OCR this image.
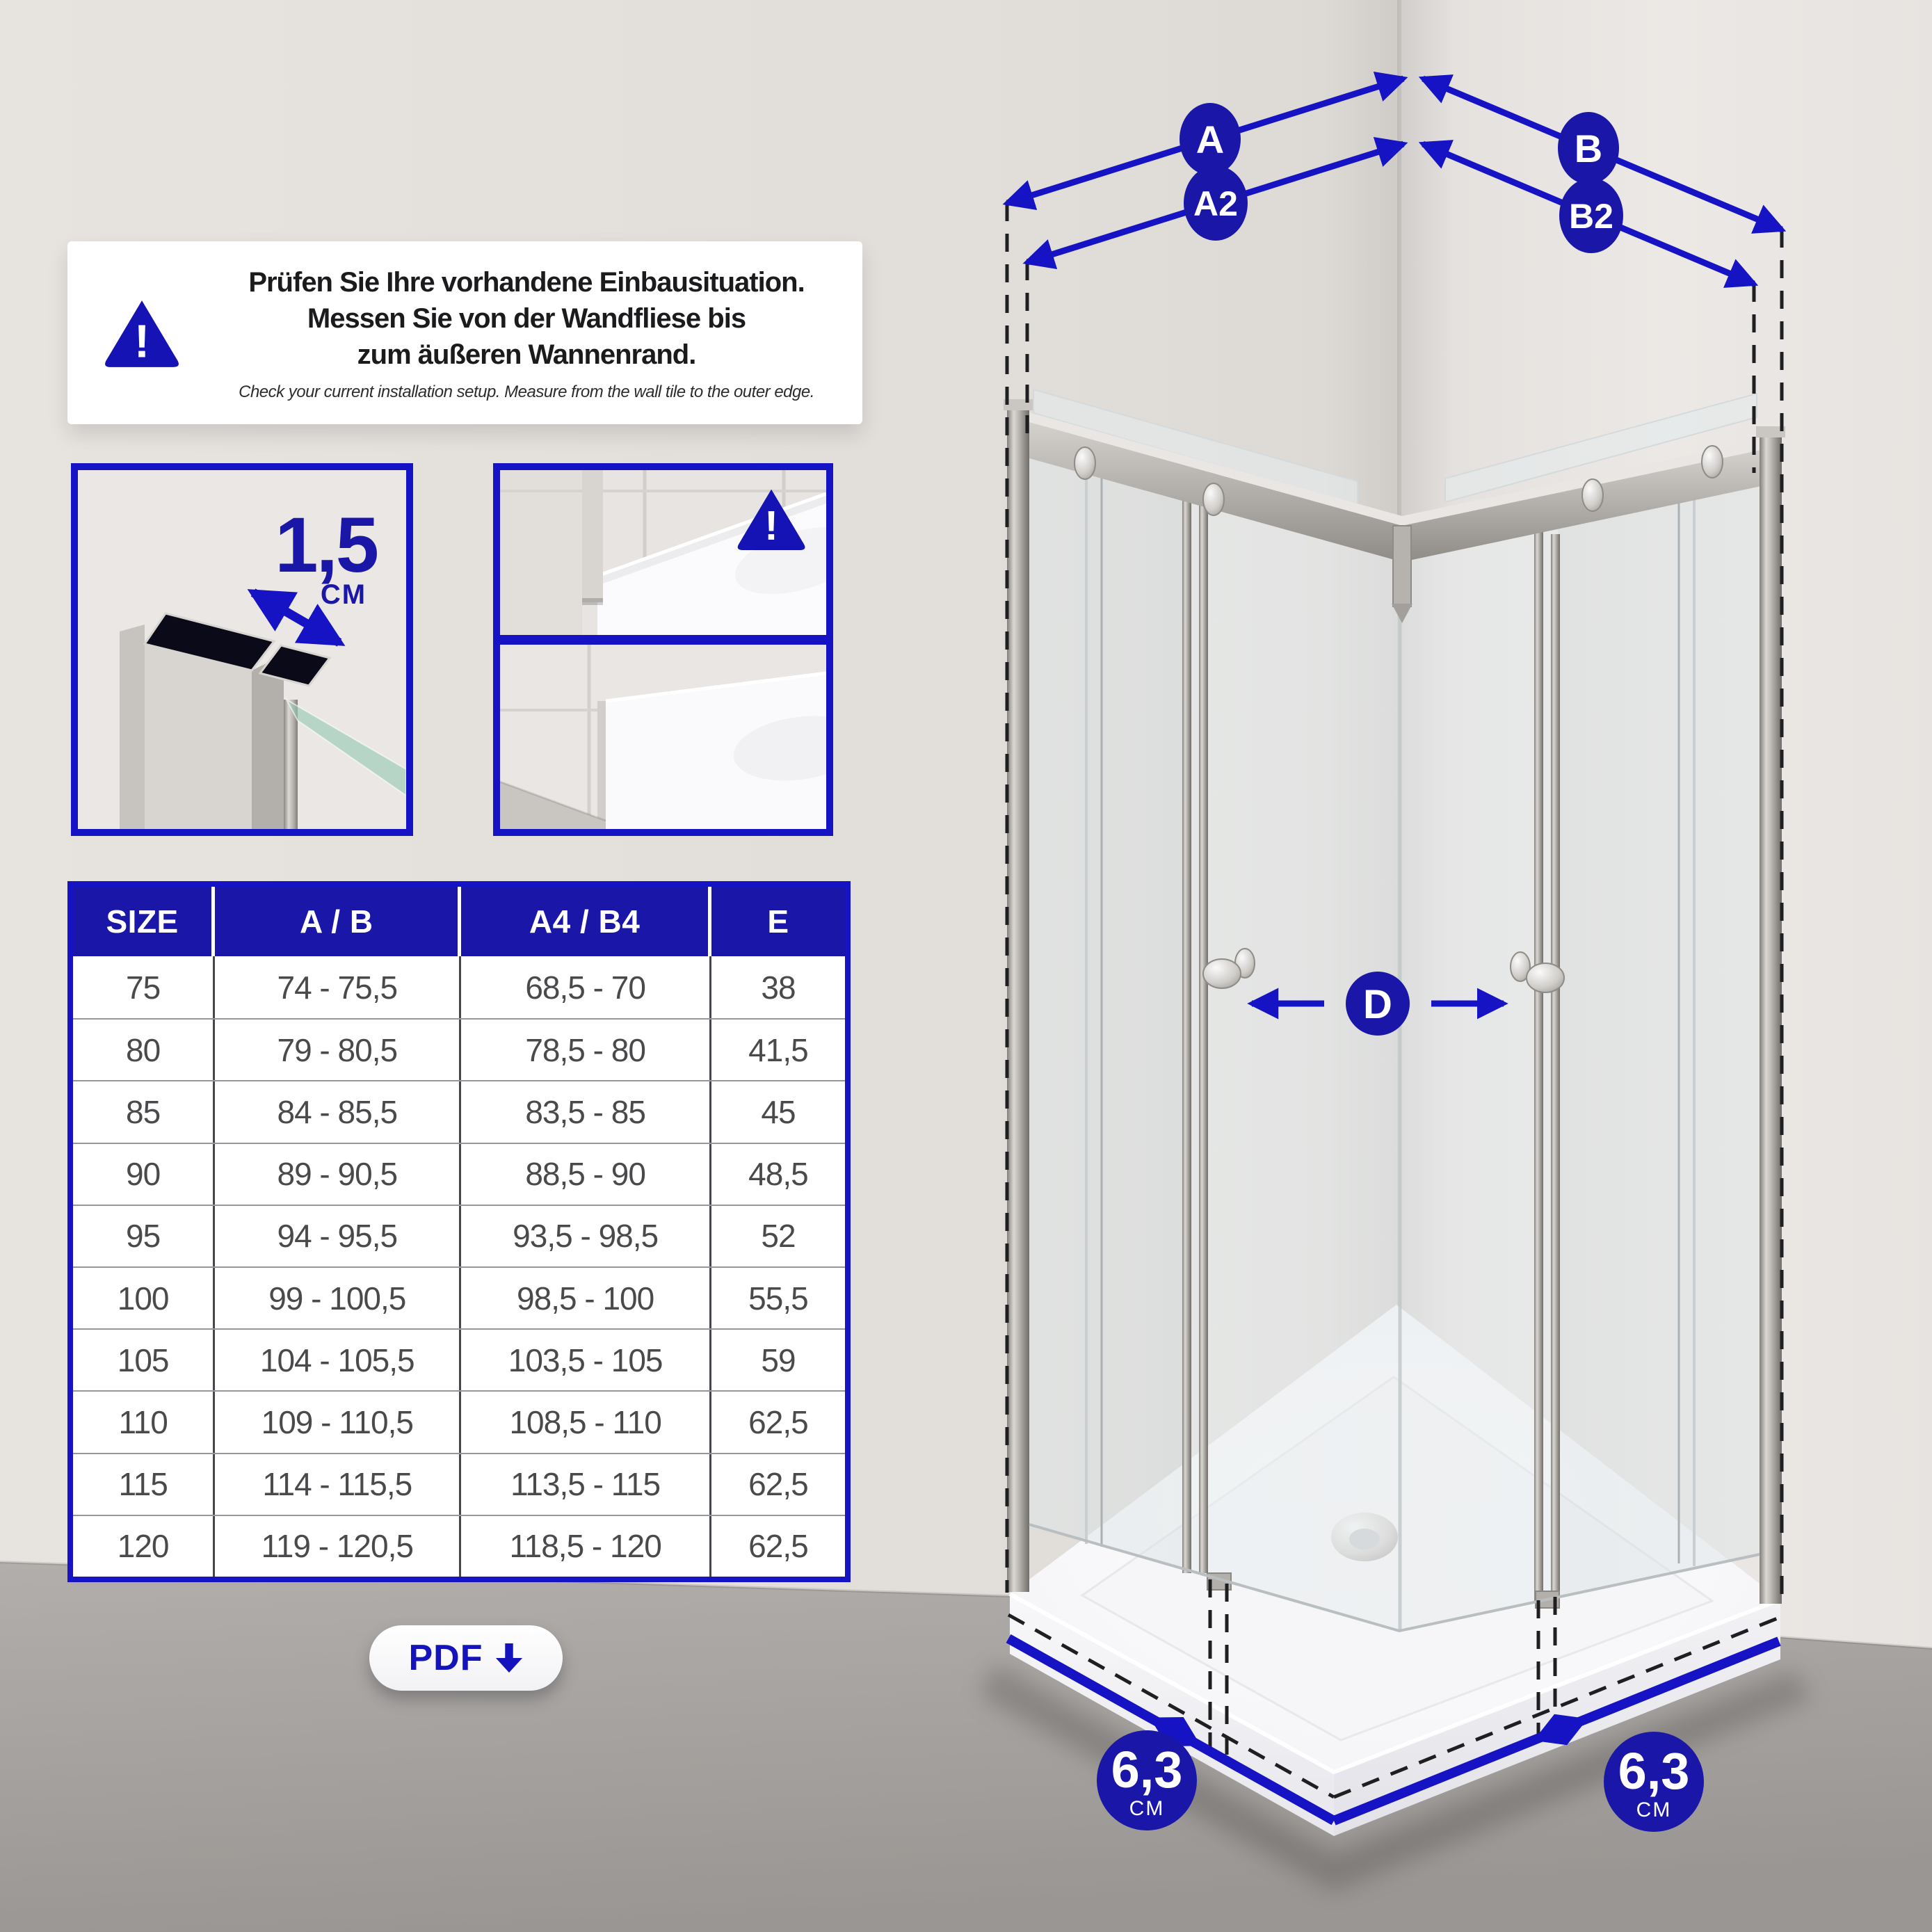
A
A2
B
B2
D
6,3
CM
6,3
CM
!
Prüfen Sie Ihre vorhandene Einbausituation.
Messen Sie von der Wandfliese bis
zum äußeren Wannenrand.
Check your current installation setup. Measure from the wall tile to the outer edge.
1,5
CM
!
SIZE	A / B	A4 / B4	E
75	74 - 75,5	68,5 - 70	38
80	79 - 80,5	78,5 - 80	41,5
85	84 - 85,5	83,5 - 85	45
90	89 - 90,5	88,5 - 90	48,5
95	94 - 95,5	93,5 - 98,5	52
100	99 - 100,5	98,5 - 100	55,5
105	104 - 105,5	103,5 - 105	59
110	109 - 110,5	108,5 - 110	62,5
115	114 - 115,5	113,5 - 115	62,5
120	119 - 120,5	118,5 - 120	62,5
PDF
